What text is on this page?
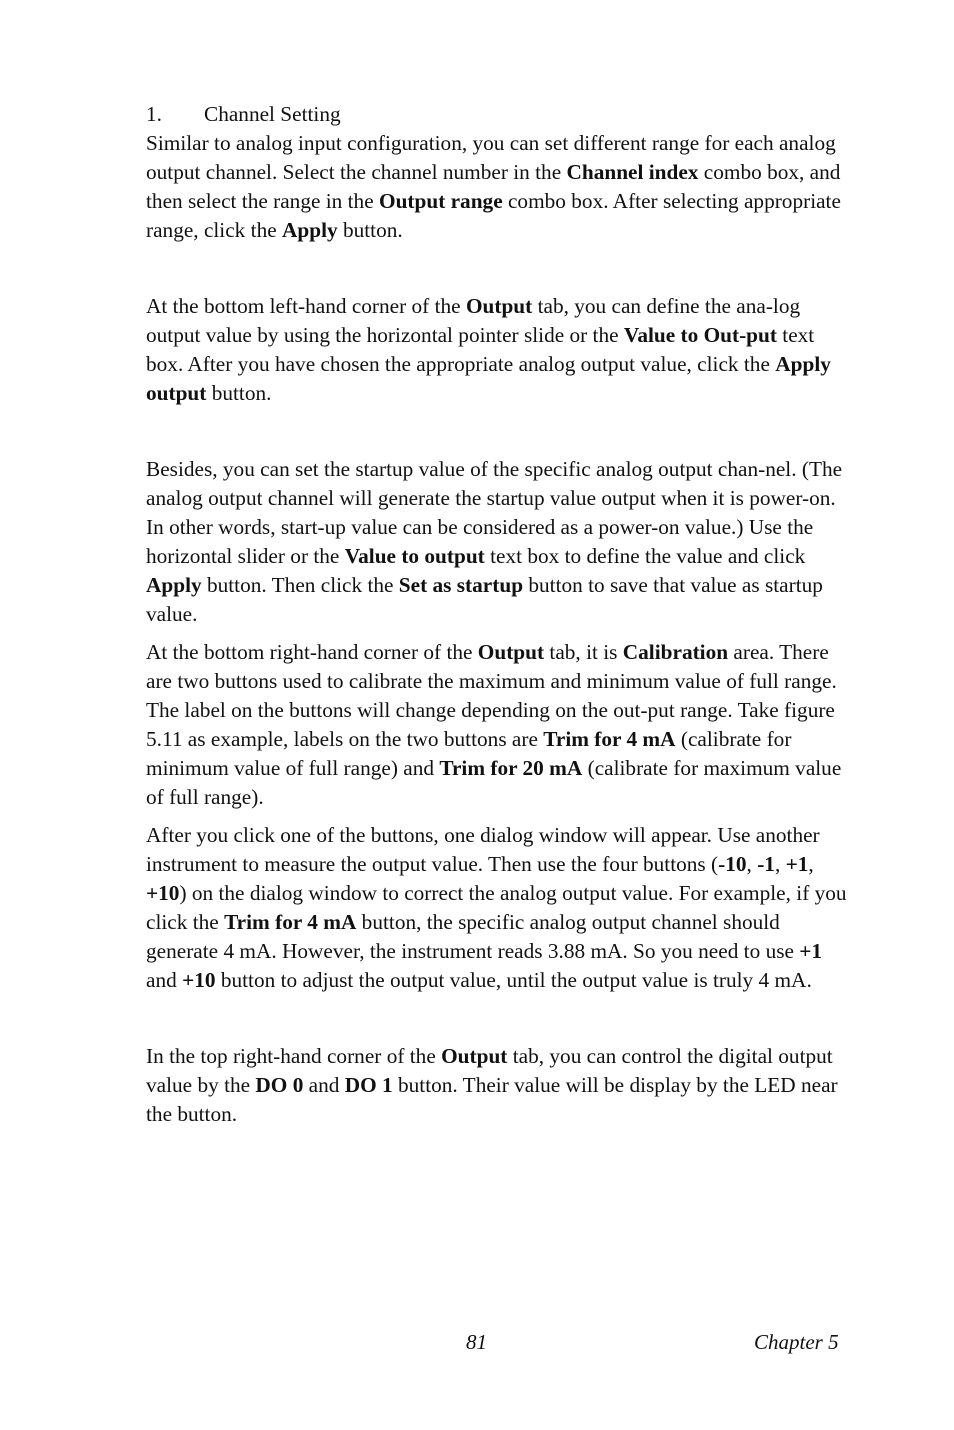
1. Channel Setting

Similar to analog input configuration, you can set different range for each analog output channel. Select the channel number in the Channel index combo box, and then select the range in the Output range combo box. After selecting appropriate range, click the Apply button.

At the bottom left-hand corner of the Output tab, you can define the ana-log output value by using the horizontal pointer slide or the Value to Out-put text box. After you have chosen the appropriate analog output value, click the Apply output button.

Besides, you can set the startup value of the specific analog output chan-nel. (The analog output channel will generate the startup value output when it is power-on. In other words, start-up value can be considered as a power-on value.) Use the horizontal slider or the Value to output text box to define the value and click Apply button. Then click the Set as startup button to save that value as startup value.

At the bottom right-hand corner of the Output tab, it is Calibration area. There are two buttons used to calibrate the maximum and minimum value of full range. The label on the buttons will change depending on the out-put range. Take figure 5.11 as example, labels on the two buttons are Trim for 4 mA (calibrate for minimum value of full range) and Trim for 20 mA (calibrate for maximum value of full range).

After you click one of the buttons, one dialog window will appear. Use another instrument to measure the output value. Then use the four buttons (-10, -1, +1, +10) on the dialog window to correct the analog output value. For example, if you click the Trim for 4 mA button, the specific analog output channel should generate 4 mA. However, the instrument reads 3.88 mA. So you need to use +1 and +10 button to adjust the output value, until the output value is truly 4 mA.

In the top right-hand corner of the Output tab, you can control the digital output value by the DO 0 and DO 1 button. Their value will be display by the LED near the button.

81	Chapter 5
